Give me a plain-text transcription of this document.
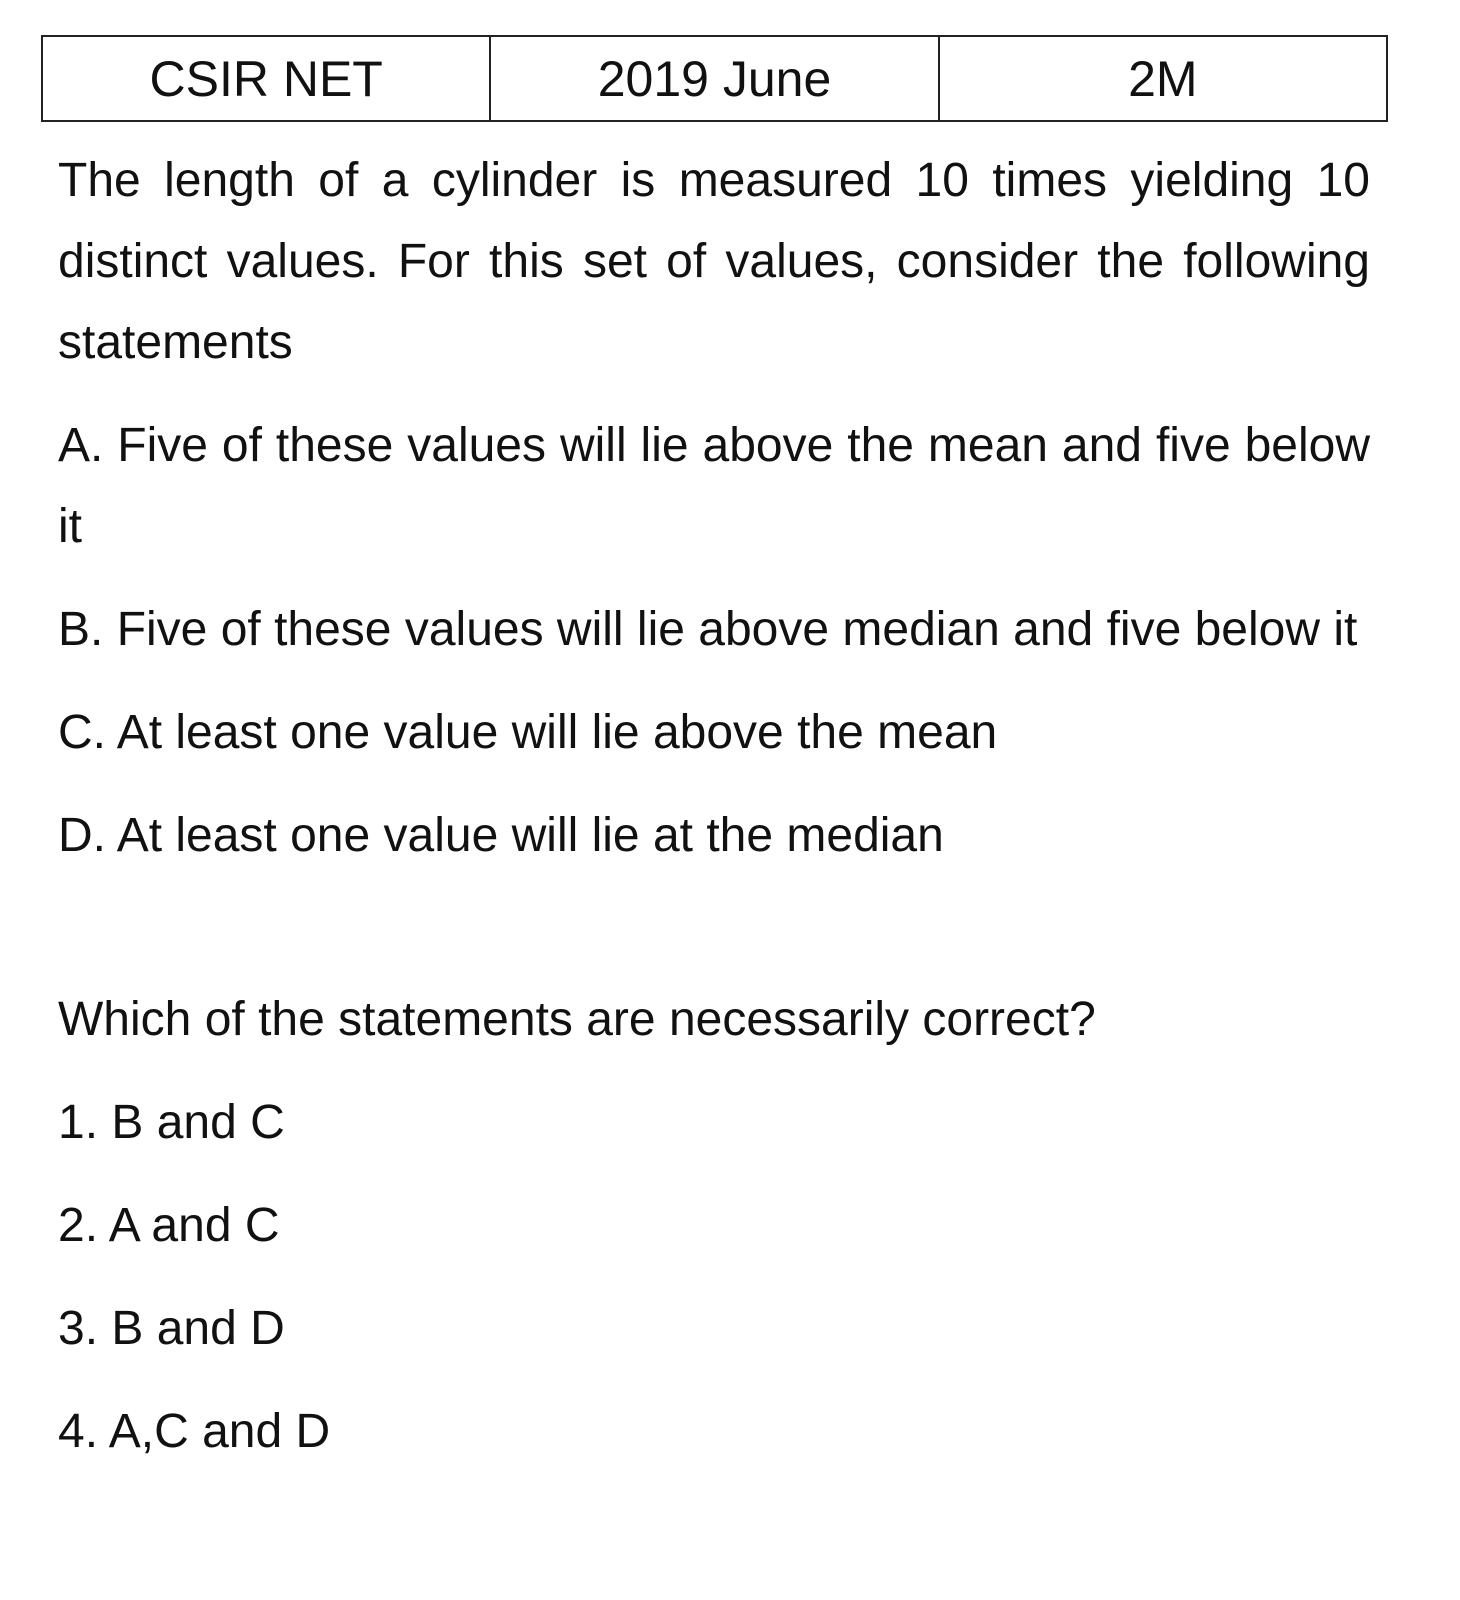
CSIR NET	2019 June	2M

The length of a cylinder is measured 10 times yielding 10 distinct values. For this set of values, consider the following statements

A. Five of these values will lie above the mean and five below it

B. Five of these values will lie above median and five below it

C. At least one value will lie above the mean

D. At least one value will lie at the median

Which of the statements are necessarily correct?

1. B and C

2. A and C

3. B and D

4. A,C and D
